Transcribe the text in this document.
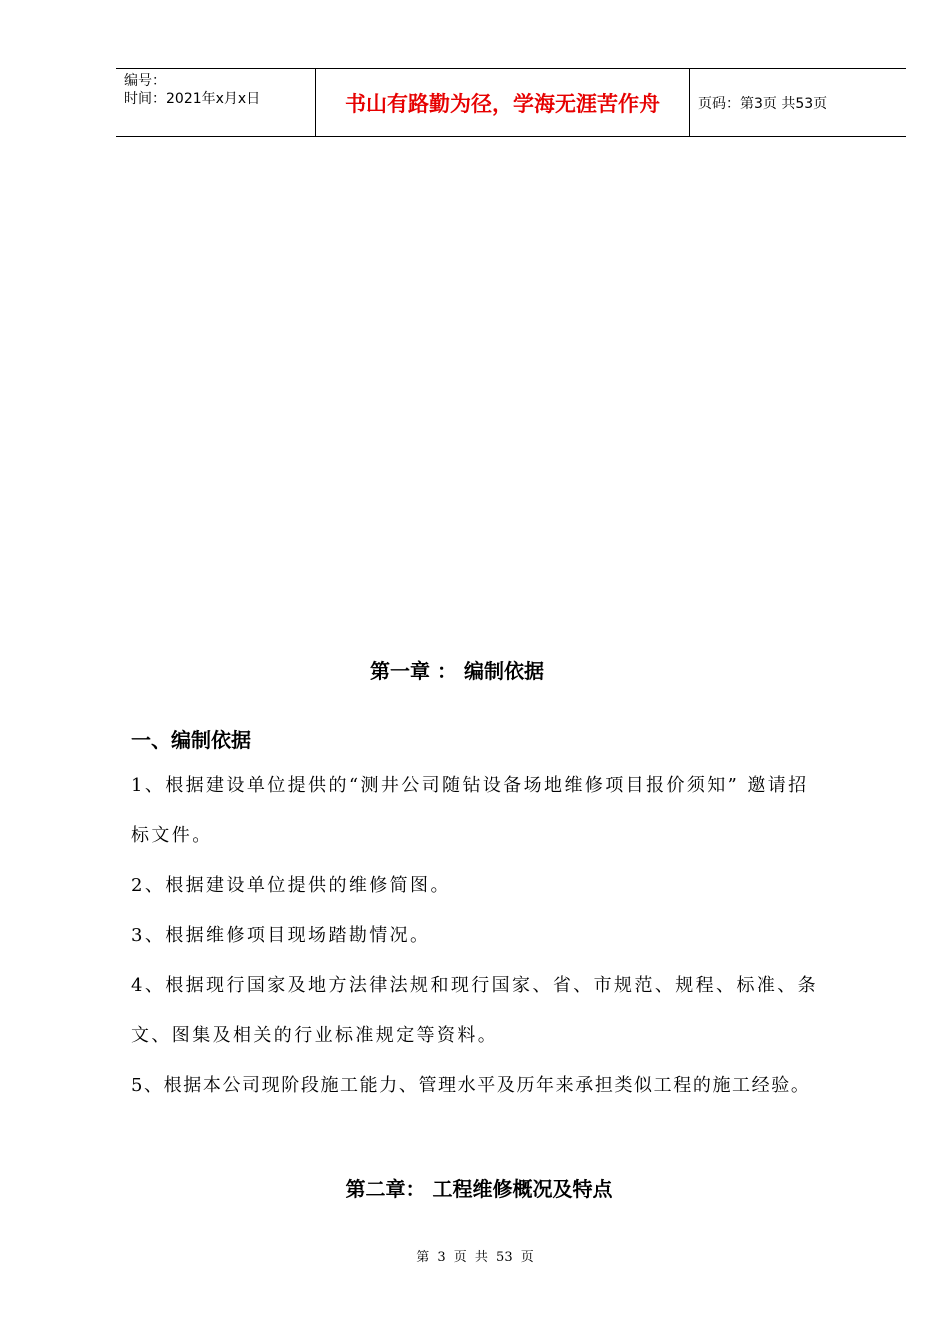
编号：
时间：2021年x月x日	书山有路勤为径，学海无涯苦作舟	页码：第3页 共53页
第一章 ： 编制依据
一、编制依据
1、根据建设单位提供的“测井公司随钻设备场地维修项目报价须知” 邀请招
标文件。
2、根据建设单位提供的维修简图。
3、根据维修项目现场踏勘情况。
4、根据现行国家及地方法律法规和现行国家、省、市规范、规程、标准、条
文、图集及相关的行业标准规定等资料。
5、根据本公司现阶段施工能力、管理水平及历年来承担类似工程的施工经验。
第二章： 工程维修概况及特点
第 3 页 共 53 页
